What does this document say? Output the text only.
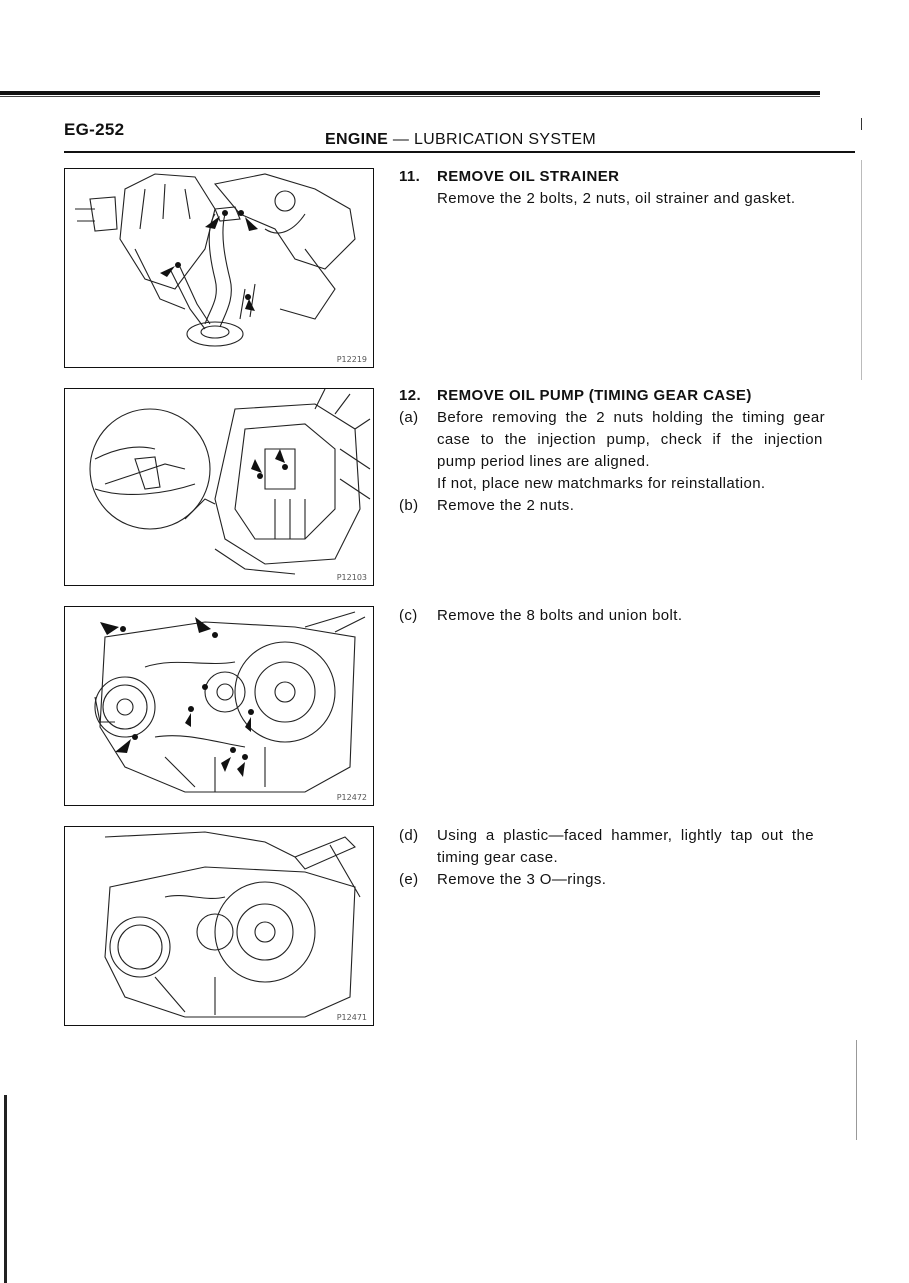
EG-252
ENGINE — LUBRICATION SYSTEM
P12219
P12103
P12472
P12471
11. REMOVE OIL STRAINER
Remove the 2 bolts, 2 nuts, oil strainer and gasket.
12. REMOVE OIL PUMP (TIMING GEAR CASE)
(a) Before removing the 2 nuts holding the timing gear
case to the injection pump, check if the injection
pump period lines are aligned.
If not, place new matchmarks for reinstallation.
(b) Remove the 2 nuts.
(c) Remove the 8 bolts and union bolt.
(d) Using a plastic—faced hammer, lightly tap out the
timing gear case.
(e) Remove the 3 O—rings.
